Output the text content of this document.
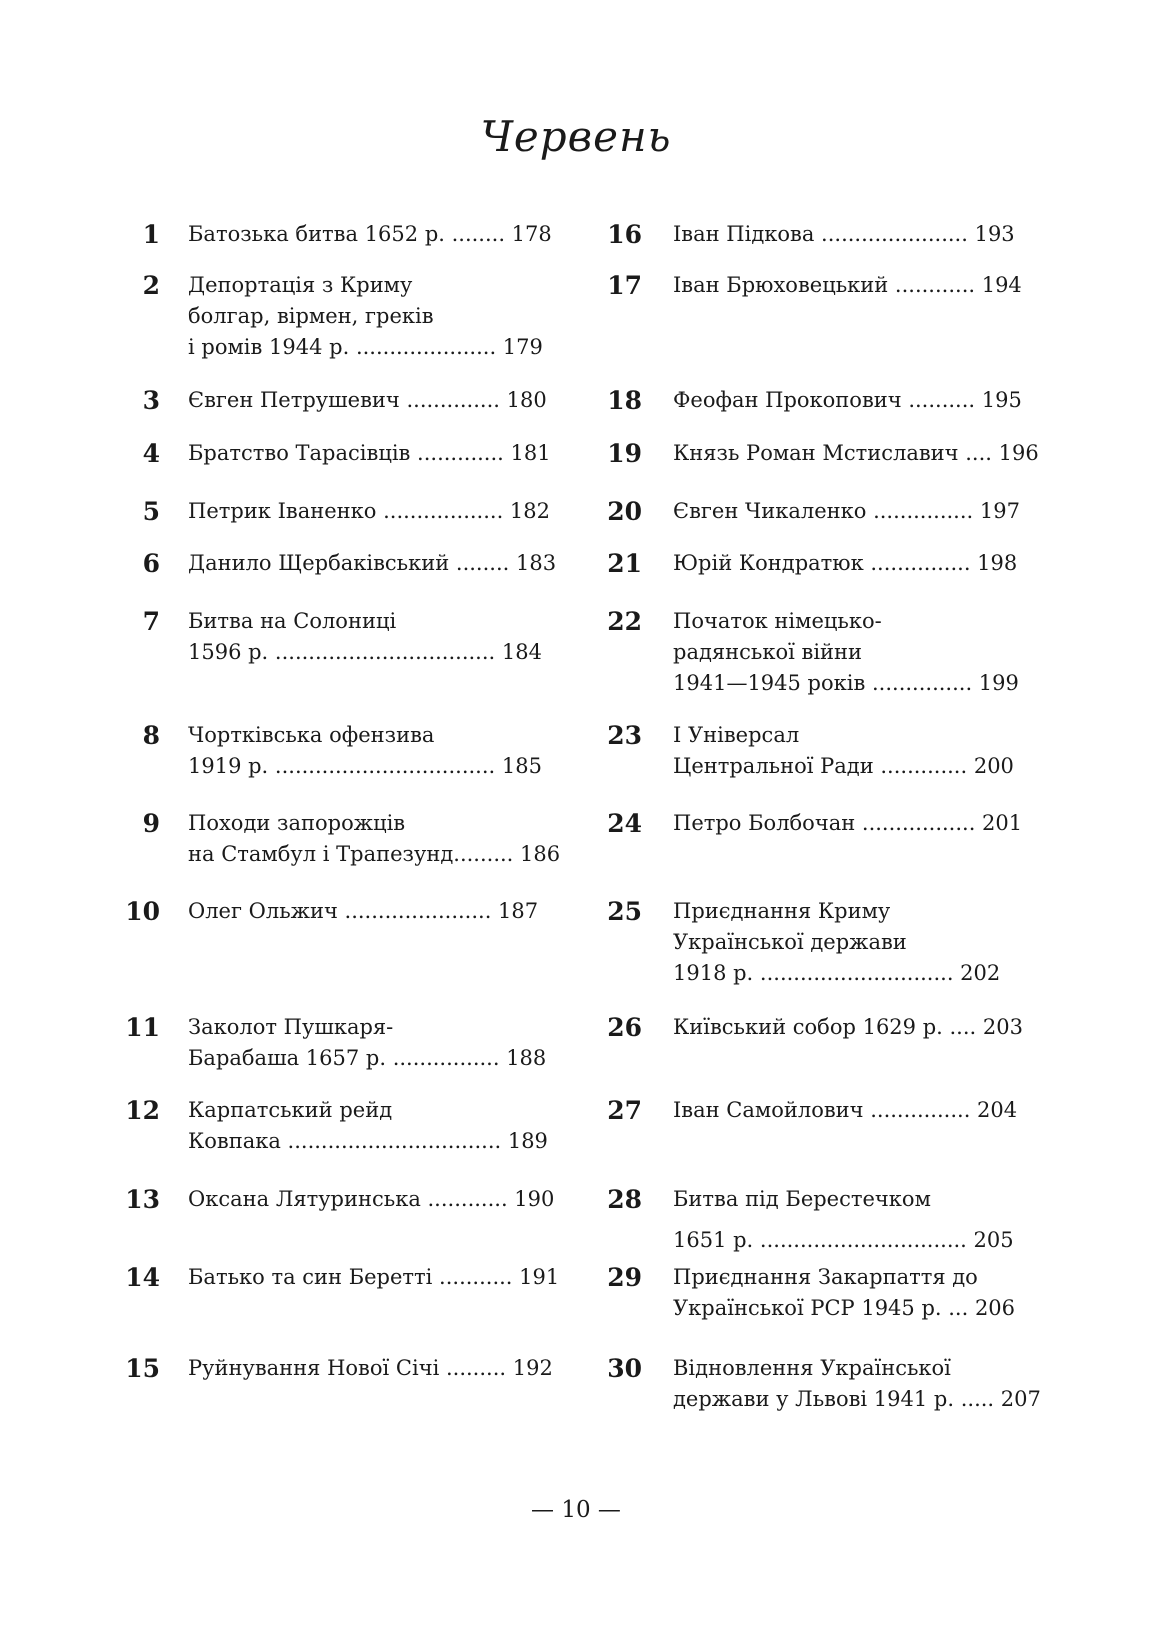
Червень
1 Батозька битва 1652 р. ........ 178
2 Депортація з Криму
болгар, вірмен, греків
і ромів 1944 р. ..................... 179
3 Євген Петрушевич .............. 180
4 Братство Тарасівців ............. 181
5 Петрик Іваненко .................. 182
6 Данило Щербаківський ........ 183
7 Битва на Солониці
1596 р. ................................. 184
8 Чортківська офензива
1919 р. ................................. 185
9 Походи запорожців
на Стамбул і Трапезунд......... 186
10 Олег Ольжич ...................... 187
11 Заколот Пушкаря-
Барабаша 1657 р. ................ 188
12 Карпатський рейд
Ковпака ................................ 189
13 Оксана Лятуринська ............ 190
14 Батько та син Беретті ........... 191
15 Руйнування Нової Січі ......... 192
16 Іван Підкова ...................... 193
17 Іван Брюховецький ............ 194
18 Феофан Прокопович .......... 195
19 Князь Роман Мстиславич .... 196
20 Євген Чикаленко ............... 197
21 Юрій Кондратюк ............... 198
22 Початок німецько-
радянської війни
1941—1945 років ............... 199
23 І Універсал
Центральної Ради ............. 200
24 Петро Болбочан ................. 201
25 Приєднання Криму
Української держави
1918 р. ............................. 202
26 Київський собор 1629 р. .... 203
27 Іван Самойлович ............... 204
28 Битва під Берестечком
1651 р. ............................... 205
29 Приєднання Закарпаття до
Української РСР 1945 р. ... 206
30 Відновлення Української
держави у Львові 1941 р. ..... 207
— 10 —
